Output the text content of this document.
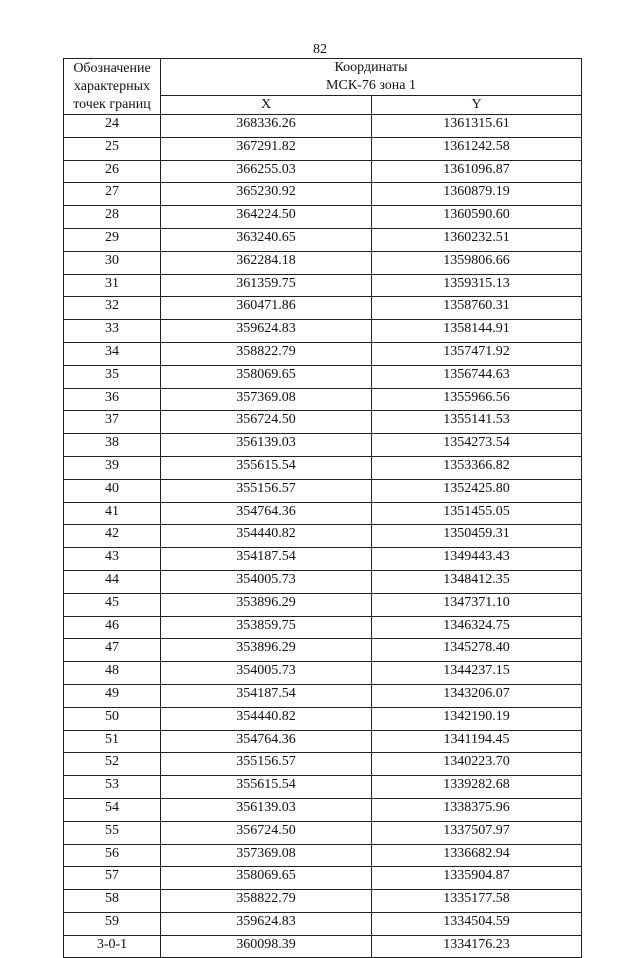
82
Обозначение характерных точек границ	Координаты
МСК-76 зона 1	
	X	Y
24	368336.26	1361315.61
25	367291.82	1361242.58
26	366255.03	1361096.87
27	365230.92	1360879.19
28	364224.50	1360590.60
29	363240.65	1360232.51
30	362284.18	1359806.66
31	361359.75	1359315.13
32	360471.86	1358760.31
33	359624.83	1358144.91
34	358822.79	1357471.92
35	358069.65	1356744.63
36	357369.08	1355966.56
37	356724.50	1355141.53
38	356139.03	1354273.54
39	355615.54	1353366.82
40	355156.57	1352425.80
41	354764.36	1351455.05
42	354440.82	1350459.31
43	354187.54	1349443.43
44	354005.73	1348412.35
45	353896.29	1347371.10
46	353859.75	1346324.75
47	353896.29	1345278.40
48	354005.73	1344237.15
49	354187.54	1343206.07
50	354440.82	1342190.19
51	354764.36	1341194.45
52	355156.57	1340223.70
53	355615.54	1339282.68
54	356139.03	1338375.96
55	356724.50	1337507.97
56	357369.08	1336682.94
57	358069.65	1335904.87
58	358822.79	1335177.58
59	359624.83	1334504.59
3-0-1	360098.39	1334176.23
